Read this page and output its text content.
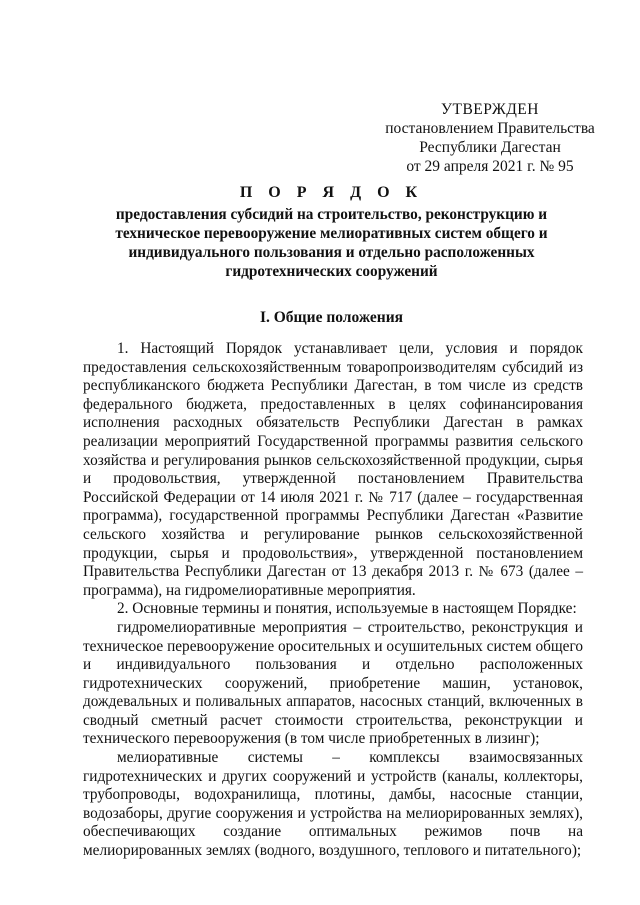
УТВЕРЖДЕН
постановлением Правительства
Республики Дагестан
от 29 апреля 2021 г. № 95
П О Р Я Д О К
предоставления субсидий на строительство, реконструкцию и техническое перевооружение мелиоративных систем общего и индивидуального пользования и отдельно расположенных гидротехнических сооружений
I. Общие положения

1. Настоящий Порядок устанавливает цели, условия и порядок предоставления сельскохозяйственным товаропроизводителям субсидий из республиканского бюджета Республики Дагестан, в том числе из средств федерального бюджета, предоставленных в целях софинансирования исполнения расходных обязательств Республики Дагестан в рамках реализации мероприятий Государственной программы развития сельского хозяйства и регулирования рынков сельскохозяйственной продукции, сырья и продовольствия, утвержденной постановлением Правительства Российской Федерации от 14 июля 2021 г. № 717 (далее – государственная программа), государственной программы Республики Дагестан «Развитие сельского хозяйства и регулирование рынков сельскохозяйственной продукции, сырья и продовольствия», утвержденной постановлением Правительства Республики Дагестан от 13 декабря 2013 г. № 673 (далее – программа), на гидромелиоративные мероприятия.

2. Основные термины и понятия, используемые в настоящем Порядке:

гидромелиоративные мероприятия – строительство, реконструкция и техническое перевооружение оросительных и осушительных систем общего и индивидуального пользования и отдельно расположенных гидротехнических сооружений, приобретение машин, установок, дождевальных и поливальных аппаратов, насосных станций, включенных в сводный сметный расчет стоимости строительства, реконструкции и технического перевооружения (в том числе приобретенных в лизинг);

мелиоративные системы – комплексы взаимосвязанных гидротехнических и других сооружений и устройств (каналы, коллекторы, трубопроводы, водохранилища, плотины, дамбы, насосные станции, водозаборы, другие сооружения и устройства на мелиорированных землях), обеспечивающих создание оптимальных режимов почв на мелиорированных землях (водного, воздушного, теплового и питательного);
